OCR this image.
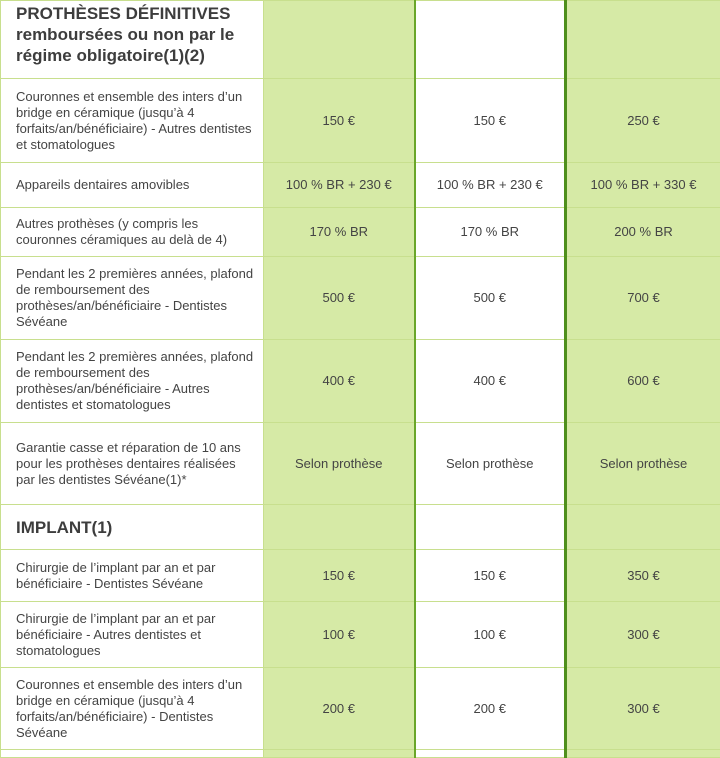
PROTHÈSES DÉFINITIVES remboursées ou non par le régime obligatoire(1)(2)			
Couronnes et ensemble des inters d’un bridge en céramique (jusqu’à 4 forfaits/an/bénéficiaire) - Autres dentistes et stomatologues	150 €	150 €	250 €
Appareils dentaires amovibles	100 % BR + 230 €	100 % BR + 230 €	100 % BR + 330 €
Autres prothèses (y compris les couronnes céramiques au delà de 4)	170 % BR	170 % BR	200 % BR
Pendant les 2 premières années, plafond de remboursement des prothèses/an/bénéficiaire - Dentistes Sévéane	500 €	500 €	700 €
Pendant les 2 premières années, plafond de remboursement des prothèses/an/bénéficiaire - Autres dentistes et stomatologues	400 €	400 €	600 €
Garantie casse et réparation de 10 ans pour les prothèses dentaires réalisées par les dentistes Sévéane(1)*	Selon prothèse	Selon prothèse	Selon prothèse
IMPLANT(1)			
Chirurgie de l’implant par an et par bénéficiaire - Dentistes Sévéane	150 €	150 €	350 €
Chirurgie de l’implant par an et par bénéficiaire - Autres dentistes et stomatologues	100 €	100 €	300 €
Couronnes et ensemble des inters d’un bridge en céramique (jusqu’à 4 forfaits/an/bénéficiaire) - Dentistes Sévéane	200 €	200 €	300 €
